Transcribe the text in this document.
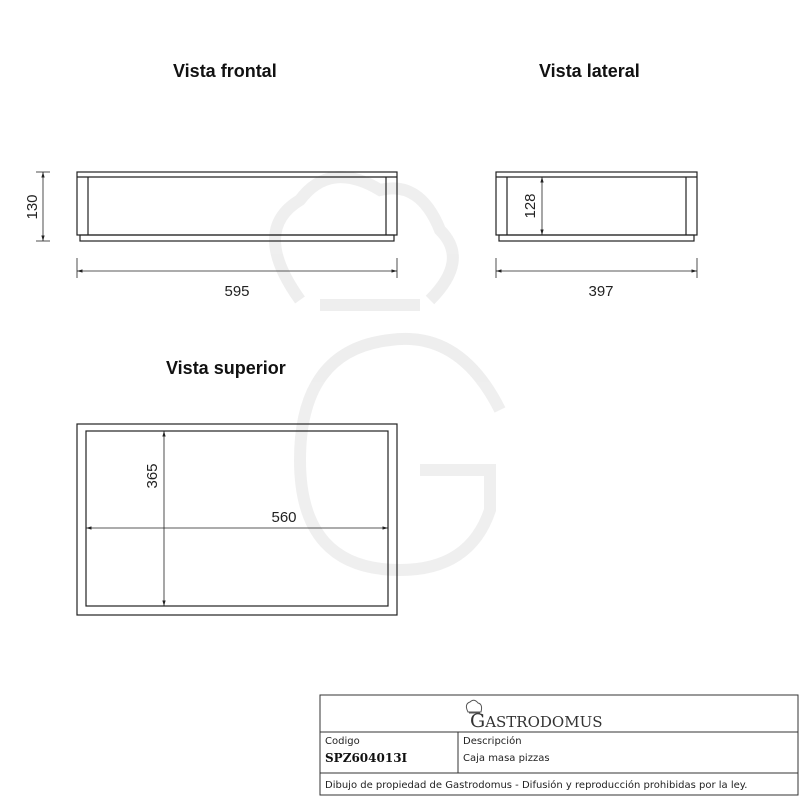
Vista frontal	Vista lateral
Vista superior
130
595
128
397
365
560
GASTRODOMUS
Codigo
SPZ604013I
Descripción
Caja masa pizzas
Dibujo de propiedad de Gastrodomus - Difusión y reproducción prohibidas por la ley.
